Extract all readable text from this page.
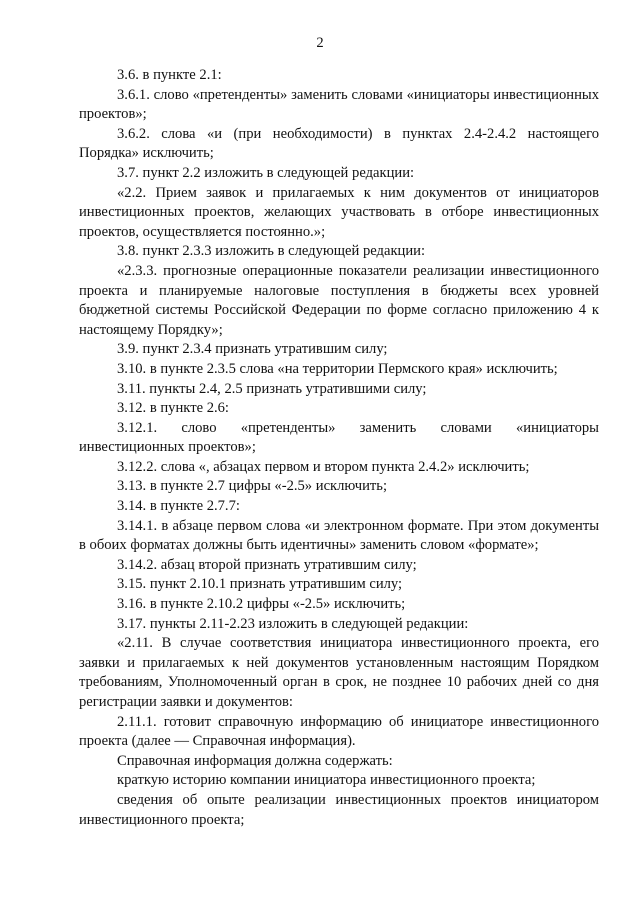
2

3.6. в пункте 2.1:

3.6.1. слово «претенденты» заменить словами «инициаторы инвестиционных проектов»;

3.6.2. слова «и (при необходимости) в пунктах 2.4-2.4.2 настоящего Порядка» исключить;

3.7. пункт 2.2 изложить в следующей редакции:

«2.2. Прием заявок и прилагаемых к ним документов от инициаторов инвестиционных проектов, желающих участвовать в отборе инвестиционных проектов, осуществляется постоянно.»;

3.8. пункт 2.3.3 изложить в следующей редакции:

«2.3.3. прогнозные операционные показатели реализации инвестиционного проекта и планируемые налоговые поступления в бюджеты всех уровней бюджетной системы Российской Федерации по форме согласно приложению 4 к настоящему Порядку»;

3.9. пункт 2.3.4 признать утратившим силу;

3.10. в пункте 2.3.5 слова «на территории Пермского края» исключить;

3.11. пункты 2.4, 2.5 признать утратившими силу;

3.12. в пункте 2.6:

3.12.1. слово «претенденты» заменить словами «инициаторы инвестиционных проектов»;

3.12.2. слова «, абзацах первом и втором пункта 2.4.2» исключить;

3.13. в пункте 2.7 цифры «-2.5» исключить;

3.14. в пункте 2.7.7:

3.14.1. в абзаце первом слова «и электронном формате. При этом документы в обоих форматах должны быть идентичны» заменить словом «формате»;

3.14.2. абзац второй признать утратившим силу;

3.15. пункт 2.10.1 признать утратившим силу;

3.16. в пункте 2.10.2 цифры «-2.5» исключить;

3.17. пункты 2.11-2.23 изложить в следующей редакции:

«2.11. В случае соответствия инициатора инвестиционного проекта, его заявки и прилагаемых к ней документов установленным настоящим Порядком требованиям, Уполномоченный орган в срок, не позднее 10 рабочих дней со дня регистрации заявки и документов:

2.11.1. готовит справочную информацию об инициаторе инвестиционного проекта (далее — Справочная информация).

Справочная информация должна содержать:

краткую историю компании инициатора инвестиционного проекта;

сведения об опыте реализации инвестиционных проектов инициатором инвестиционного проекта;
